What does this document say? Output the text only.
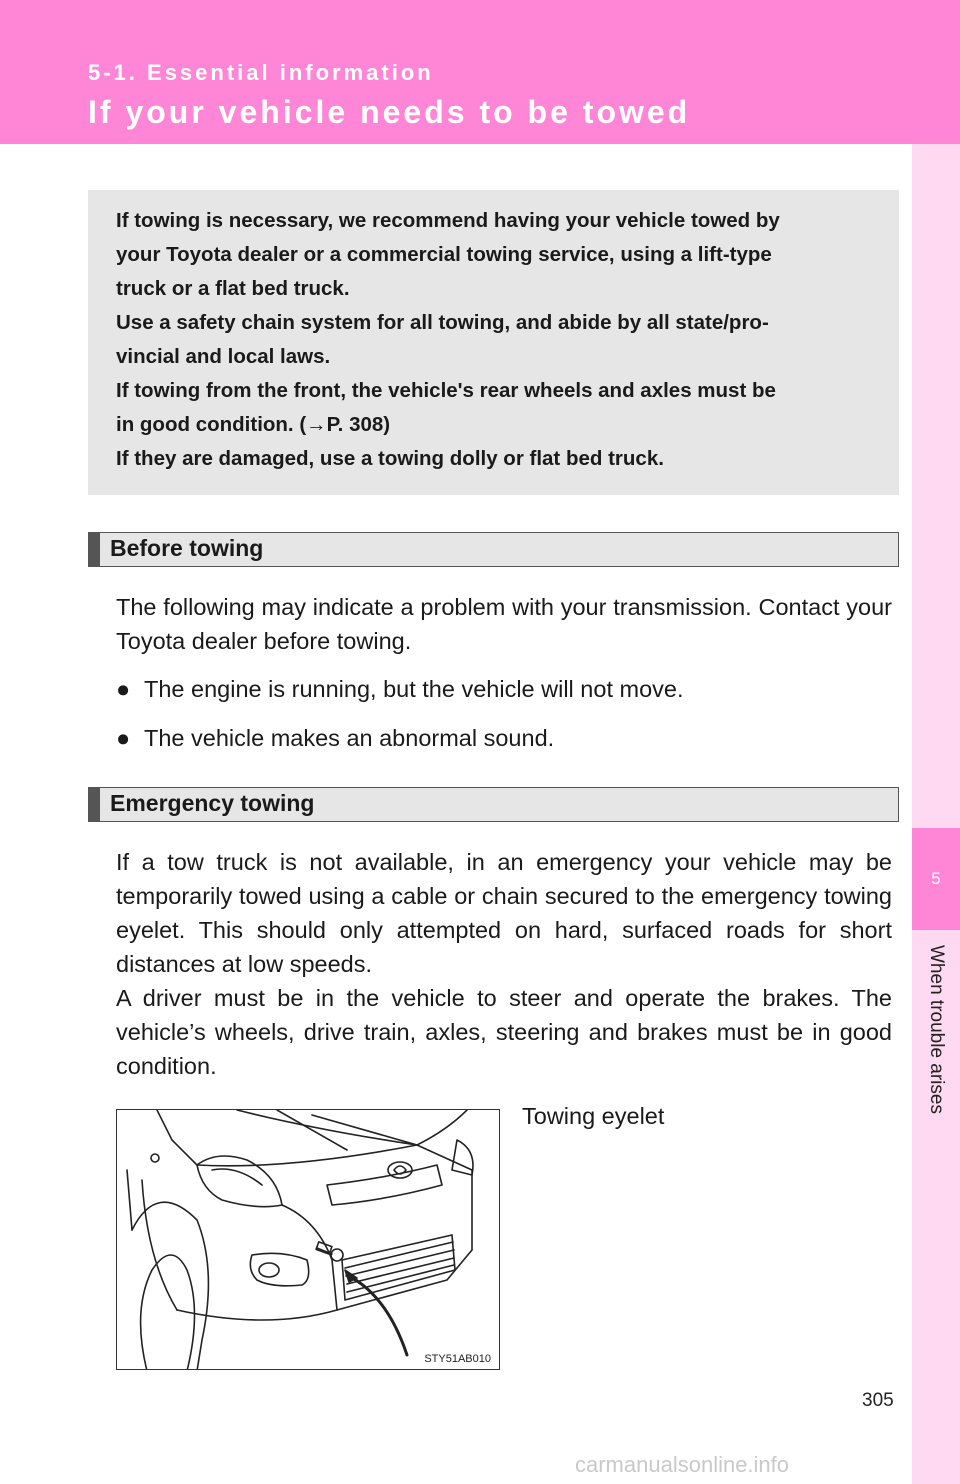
5-1. Essential information
If your vehicle needs to be towed
5
When trouble arises

If towing is necessary, we recommend having your vehicle towed by

your Toyota dealer or a commercial towing service, using a lift-type

truck or a flat bed truck.

Use a safety chain system for all towing, and abide by all state/pro-

vincial and local laws.

If towing from the front, the vehicle's rear wheels and axles must be

in good condition. (→P. 308)

If they are damaged, use a towing dolly or flat bed truck.

Before towing

The following may indicate a problem with your transmission. Contact your Toyota dealer before towing.

● The engine is running, but the vehicle will not move.
● The vehicle makes an abnormal sound.
Emergency towing

If a tow truck is not available, in an emergency your vehicle may be temporarily towed using a cable or chain secured to the emergency towing eyelet. This should only attempted on hard, surfaced roads for short distances at low speeds.

A driver must be in the vehicle to steer and operate the brakes. The vehicle’s wheels, drive train, axles, steering and brakes must be in good condition.

STY51AB010
Towing eyelet
305
carmanualsonline.info
